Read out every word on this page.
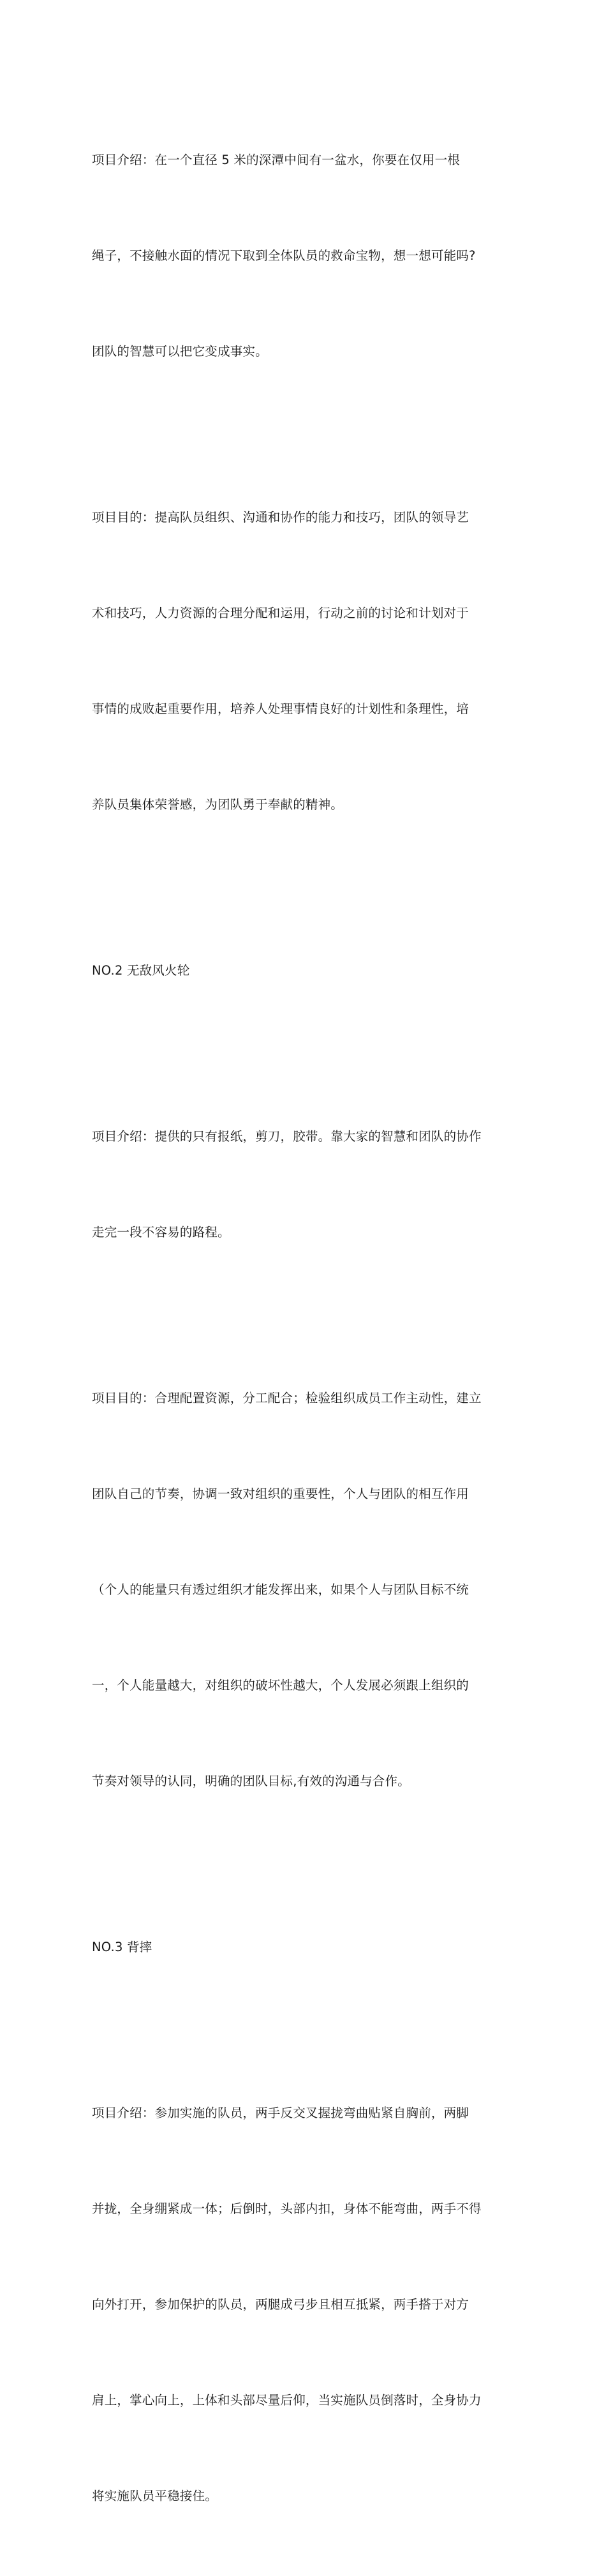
项目介绍：在一个直径 5 米的深潭中间有一盆水，你要在仅用一根

绳子，不接触水面的情况下取到全体队员的救命宝物，想一想可能吗?

团队的智慧可以把它变成事实。

项目目的：提高队员组织、沟通和协作的能力和技巧，团队的领导艺

术和技巧，人力资源的合理分配和运用，行动之前的讨论和计划对于

事情的成败起重要作用，培养人处理事情良好的计划性和条理性，培

养队员集体荣誉感，为团队勇于奉献的精神。

NO.2 无敌风火轮

项目介绍：提供的只有报纸，剪刀，胶带。靠大家的智慧和团队的协作

走完一段不容易的路程。

项目目的：合理配置资源，分工配合；检验组织成员工作主动性，建立

团队自己的节奏，协调一致对组织的重要性，个人与团队的相互作用

（个人的能量只有透过组织才能发挥出来，如果个人与团队目标不统

一，个人能量越大，对组织的破坏性越大，个人发展必须跟上组织的

节奏对领导的认同，明确的团队目标,有效的沟通与合作。

NO.3 背摔

项目介绍：参加实施的队员，两手反交叉握拢弯曲贴紧自胸前，两脚

并拢，全身绷紧成一体；后倒时，头部内扣，身体不能弯曲，两手不得

向外打开，参加保护的队员，两腿成弓步且相互抵紧，两手搭于对方

肩上，掌心向上，上体和头部尽量后仰，当实施队员倒落时，全身协力

将实施队员平稳接住。
